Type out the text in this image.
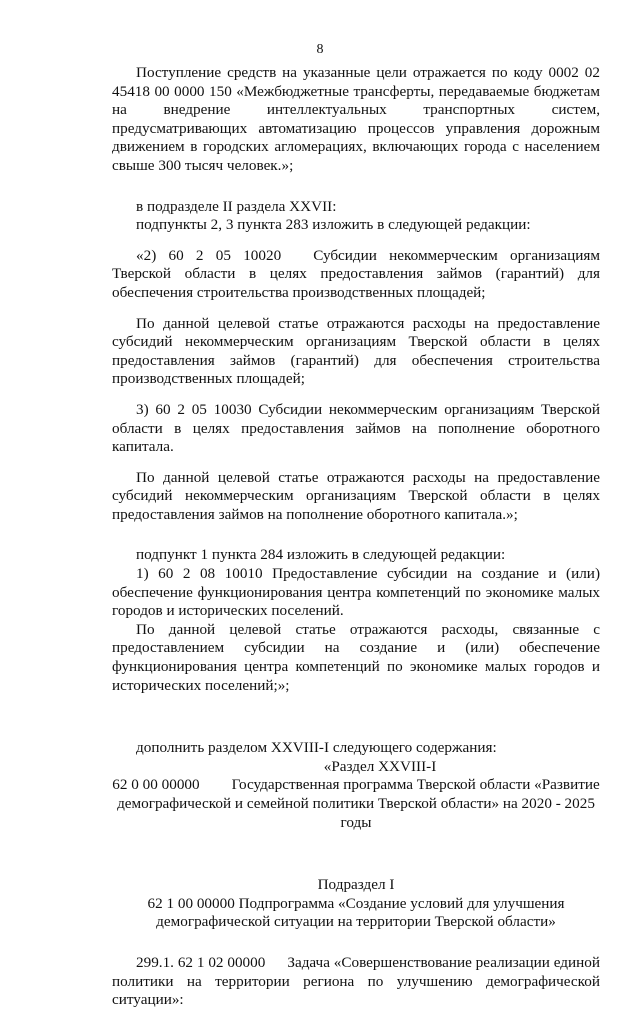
8

Поступление средств на указанные цели отражается по коду 0002 02 45418 00 0000 150 «Межбюджетные трансферты, передаваемые бюджетам на внедрение интеллектуальных транспортных систем, предусматривающих автоматизацию процессов управления дорожным движением в городских агломерациях, включающих города с населением свыше 300 тысяч человек.»;

в подразделе II раздела XXVII:

подпункты 2, 3 пункта 283 изложить в следующей редакции:

«2) 60 2 05 10020 Субсидии некоммерческим организациям Тверской области в целях предоставления займов (гарантий) для обеспечения строительства производственных площадей;

По данной целевой статье отражаются расходы на предоставление субсидий некоммерческим организациям Тверской области в целях предоставления займов (гарантий) для обеспечения строительства производственных площадей;

3) 60 2 05 10030 Субсидии некоммерческим организациям Тверской области в целях предоставления займов на пополнение оборотного капитала.

По данной целевой статье отражаются расходы на предоставление субсидий некоммерческим организациям Тверской области в целях предоставления займов на пополнение оборотного капитала.»;

подпункт 1 пункта 284 изложить в следующей редакции:

1) 60 2 08 10010 Предоставление субсидии на создание и (или) обеспечение функционирования центра компетенций по экономике малых городов и исторических поселений.

По данной целевой статье отражаются расходы, связанные с предоставлением субсидии на создание и (или) обеспечение функционирования центра компетенций по экономике малых городов и исторических поселений;»;

дополнить разделом XXVIII-I следующего содержания:

«Раздел XXVIII-I

62 0 00 00000 Государственная программа Тверской области «Развитие демографической и семейной политики Тверской области» на 2020 - 2025 годы

Подраздел I

62 1 00 00000 Подпрограмма «Создание условий для улучшения демографической ситуации на территории Тверской области»

299.1. 62 1 02 00000 Задача «Совершенствование реализации единой политики на территории региона по улучшению демографической ситуации»:
